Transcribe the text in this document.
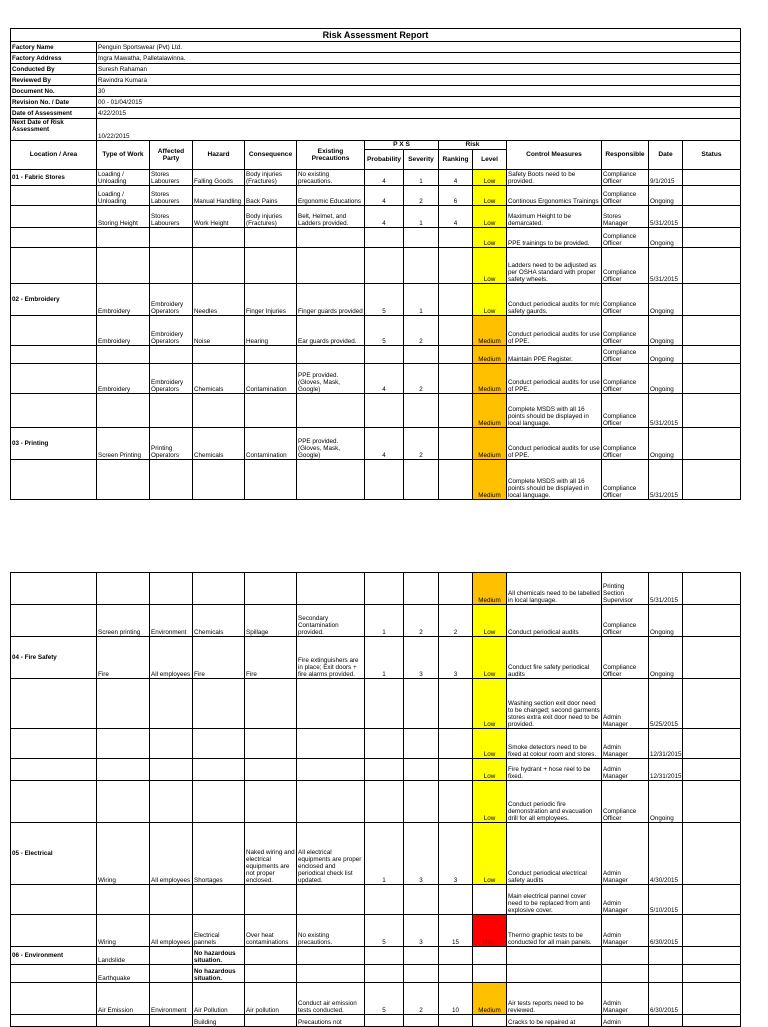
Risk Assessment Report													
Factory Name	Penguin Sportswear (Pvt) Ltd.												
Factory Address	Ingra Mawatha, Palletalawinna.												
Conducted By	Suresh Rahaman												
Reviewed By	Ravindra Kumara												
Document No.	30												
Revision No. / Date	00 - 01/04/2015												
Date of Assessment	4/22/2015												
Next Date of Risk Assessment	10/22/2015												
Location / Area	Type of Work	Affected Party	Hazard	Consequence	Existing Precautions	P X S		Risk		Control Measures	Responsible	Date	Status
						Probability	Severity	Ranking	Level				
01 - Fabric Stores	Loading / Unloading	Stores Labourers	Falling Goods	Body injuries (Fractures)	No existing precautions.	4	1	4	Low	Safety Boots need to be provided.	Compliance Officer	9/1/2015	
	Loading / Unloading	Stores Labourers	Manual Handling	Back Pains	Ergonomic Educations	4	2	6	Low	Continous Ergonomics Trainings	Compliance Officer	Ongoing	
	Storing Height	Stores Labourers	Work Height	Body injuries (Fractures)	Belt, Helmet, and Ladders provided.	4	1	4	Low	Maximum Height to be demarcated.	Stores Manager	5/31/2015	
									Low	PPE trainings to be provided.	Compliance Officer	Ongoing	
									Low	Ladders need to be adjusted as per OSHA standard with proper safety wheels.	Compliance Officer	5/31/2015	
02 - Embroidery	Embroidery	Embroidery Operators	Needles	Finger Injuries	Finger guards provided	5	1		Low	Conduct periodical audits for m/c safety gaurds.	Compliance Officer	Ongoing	
	Embroidery	Embroidery Operators	Noise	Hearing	Ear guards provided.	5	2		Medium	Conduct periodical audits for use of PPE.	Compliance Officer	Ongoing	
									Medium	Maintain PPE Register.	Compliance Officer	Ongoing	
	Embroidery	Embroidery Operators	Chemicals	Contamination	PPE provided. (Gloves, Mask, Google)	4	2		Medium	Conduct periodical audits for use of PPE.	Compliance Officer	Ongoing	
									Medium	Complete MSDS with all 16 points should be displayed in local language.	Compliance Officer	5/31/2015	
03 - Printing	Screen Printing	Printing Operators	Chemicals	Contamination	PPE provided. (Gloves, Mask, Google)	4	2		Medium	Conduct periodical audits for use of PPE.	Compliance Officer	Ongoing	
									Medium	Complete MSDS with all 16 points should be displayed in local language.	Compliance Officer	5/31/2015	
									Medium	All chemicals need to be labelled in local language.	Printing Section Supervisor	5/31/2015	
	Screen printing	Environment	Chemicals	Spillage	Secondary Contamination provided.	1	2	2	Low	Conduct periodical audits	Compliance Officer	Ongoing	
04 - Fire Safety	Fire	All employees	Fire	Fire	Fire extinguishers are in place; Exit doors + fire alarms provided.	1	3	3	Low	Conduct fire safety periodical audits	Compliance Officer	Ongoing	
									Low	Washing section exit door need to be changed; second garments stores extra exit door need to be provided.	Admin Manager	5/25/2015	
									Low	Smoke detectors need to be fixed at colour room and stores.	Admin Manager	12/31/2015	
									Low	Fire hydrant + hose reel to be fixed.	Admin Manager	12/31/2015	
									Low	Conduct periodic fire demonstration and evacuation drill for all employees.	Compliance Officer	Ongoing	
05 - Electrical	Wiring	All employees	Shortages	Naked wiring and electrical equipments are not proper enclosed.	All electrical equipments are proper enclosed and periodical check list updated.	1	3	3	Low	Conduct periodical electrical safety audits	Admin Manager	4/30/2015	
										Main electrical pannel cover need to be replaced from anti explosive cover.	Admin Manager	5/10/2015	
	Wiring	All employees	Electrical pannels	Over heat contaminations	No existing precautions.	5	3	15	High	Thermo graphic tests to be conducted for all main panels.	Admin Manager	6/30/2015	
06 - Environment	Landslide		No hazardous situation.										
	Earthquake		No hazardous situation.										
	Air Emission	Environment	Air Pollution	Air pollution	Conduct air emission tests conducted.	5	2	10	Medium	Air tests reports need to be reviewed.	Admin Manager	6/30/2015	
			Building		Precautions not					Cracks to be repaired at	Admin		
